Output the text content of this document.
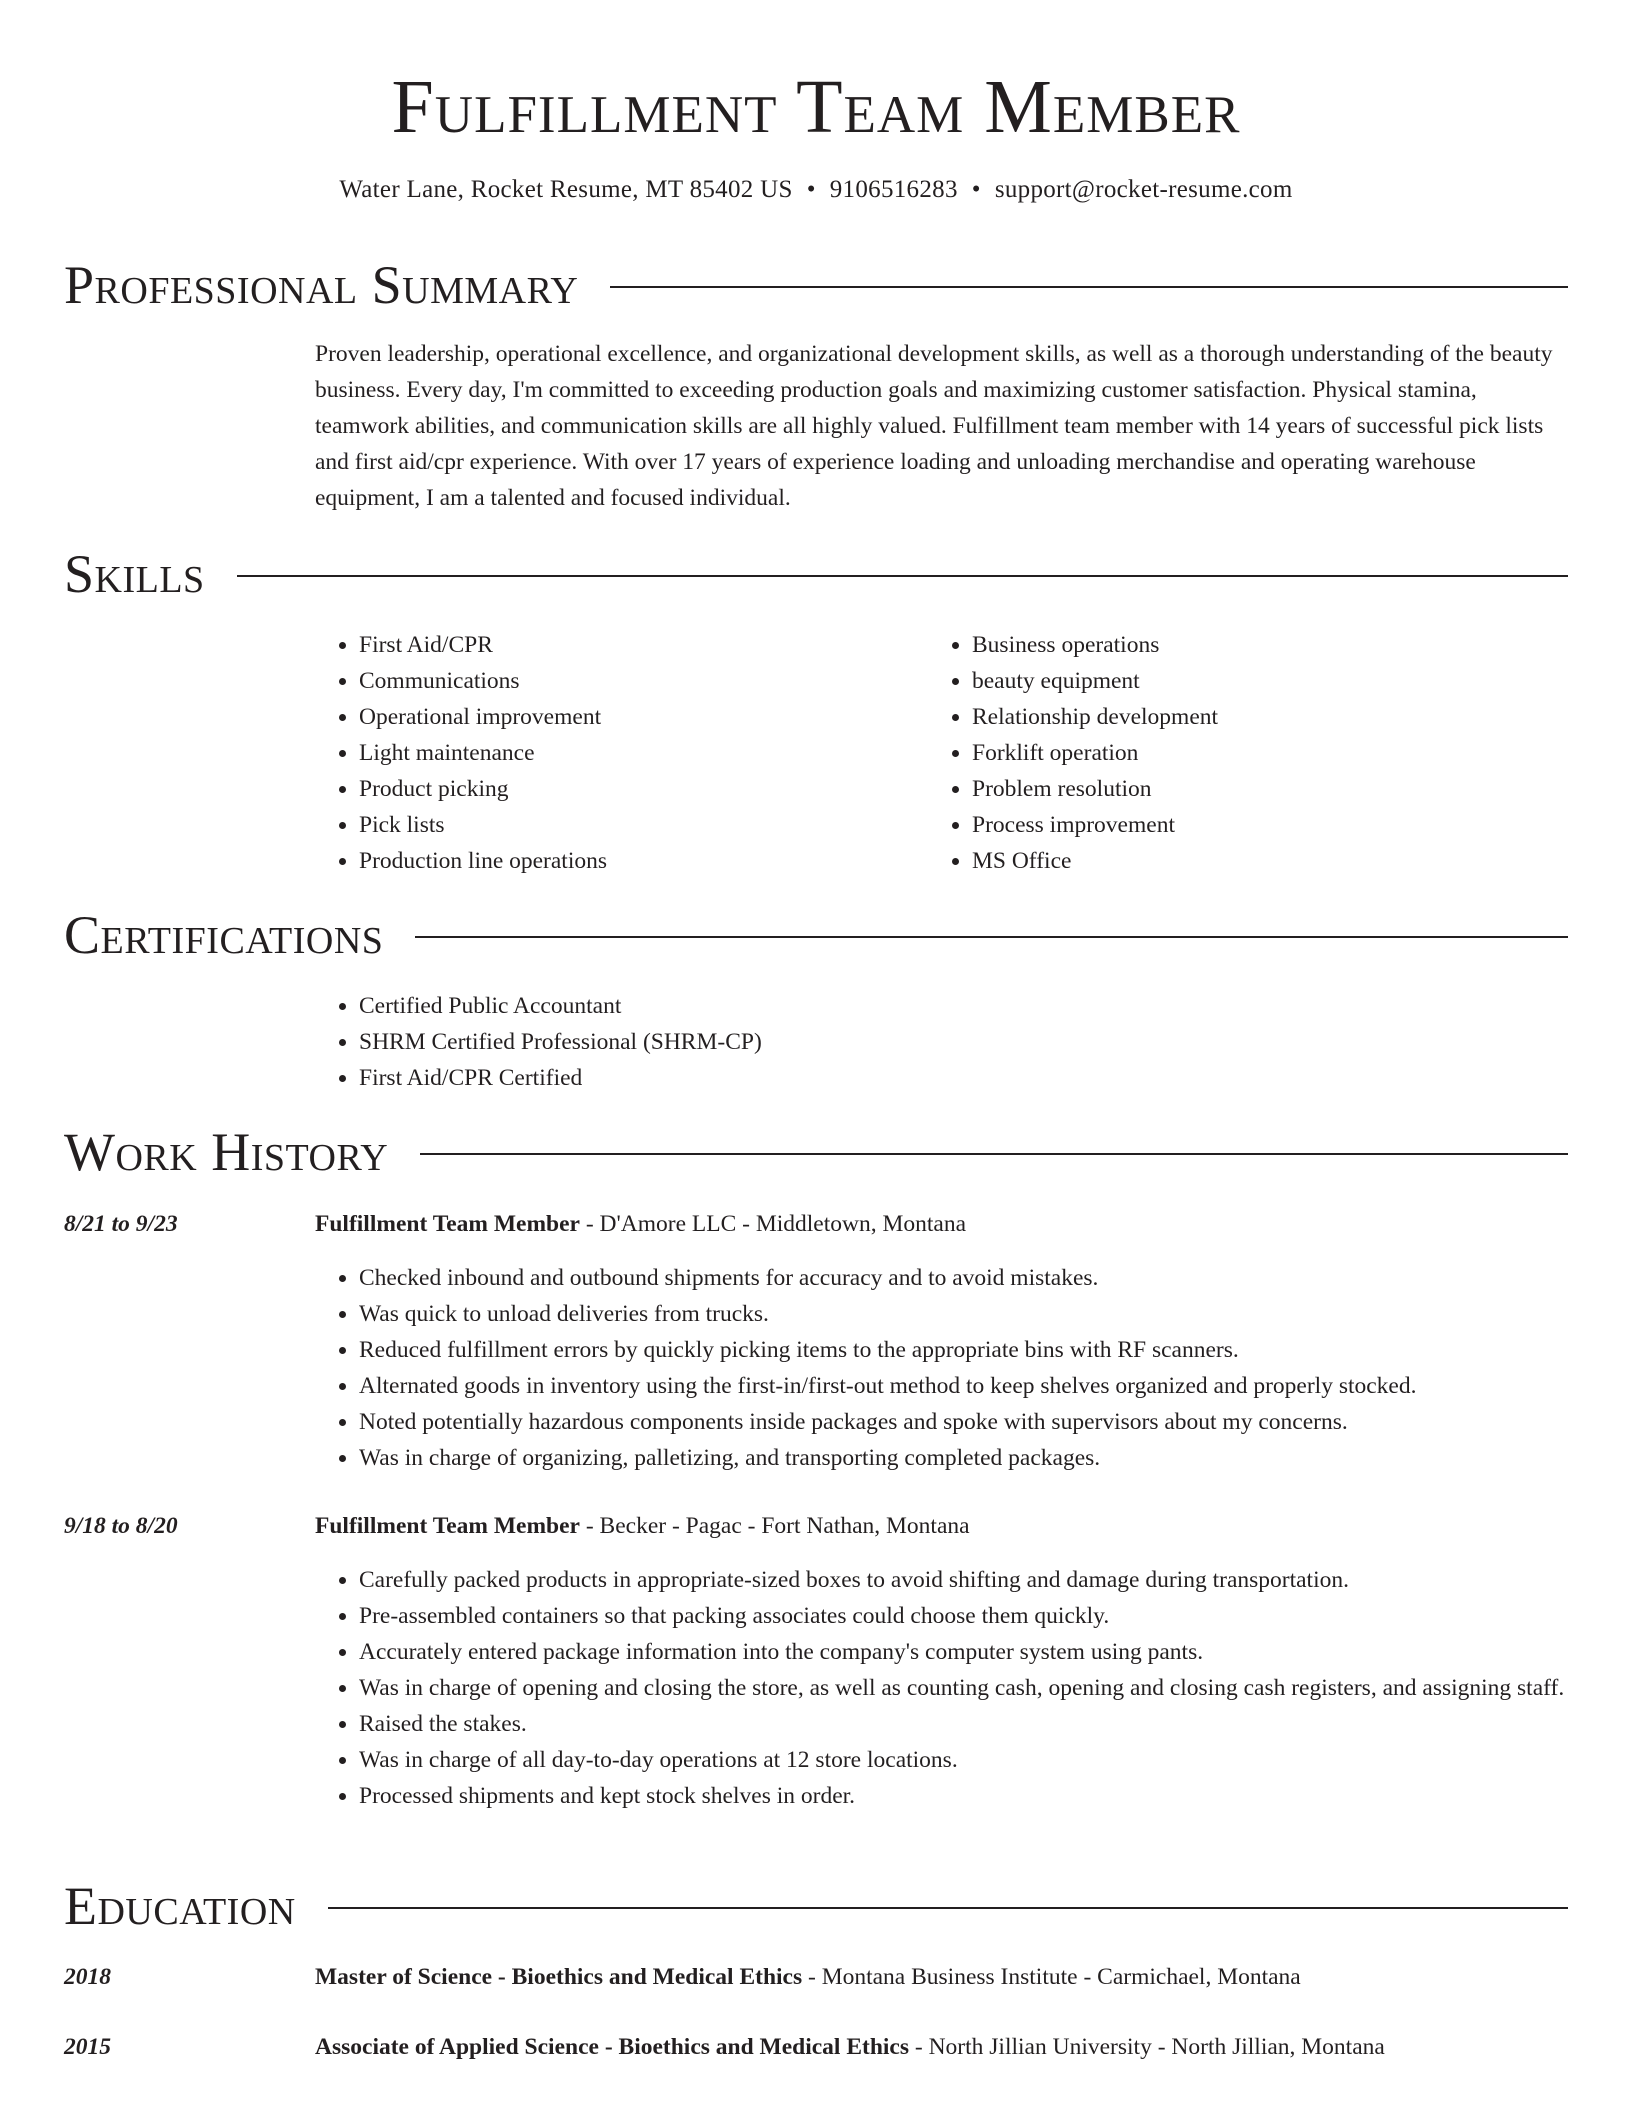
Fulfillment Team Member
Water Lane, Rocket Resume, MT 85402 US • 9106516283 • support@rocket-resume.com
Professional Summary
Proven leadership, operational excellence, and organizational development skills, as well as a thorough understanding of the beauty business. Every day, I'm committed to exceeding production goals and maximizing customer satisfaction. Physical stamina, teamwork abilities, and communication skills are all highly valued. Fulfillment team member with 14 years of successful pick lists and first aid/cpr experience. With over 17 years of experience loading and unloading merchandise and operating warehouse equipment, I am a talented and focused individual.
Skills
• First Aid/CPR
• Communications
• Operational improvement
• Light maintenance
• Product picking
• Pick lists
• Production line operations
• Business operations
• beauty equipment
• Relationship development
• Forklift operation
• Problem resolution
• Process improvement
• MS Office
Certifications
• Certified Public Accountant
• SHRM Certified Professional (SHRM-CP)
• First Aid/CPR Certified
Work History
8/21 to 9/23	Fulfillment Team Member - D'Amore LLC - Middletown, Montana
• Checked inbound and outbound shipments for accuracy and to avoid mistakes.
• Was quick to unload deliveries from trucks.
• Reduced fulfillment errors by quickly picking items to the appropriate bins with RF scanners.
• Alternated goods in inventory using the first-in/first-out method to keep shelves organized and properly stocked.
• Noted potentially hazardous components inside packages and spoke with supervisors about my concerns.
• Was in charge of organizing, palletizing, and transporting completed packages.
9/18 to 8/20	Fulfillment Team Member - Becker - Pagac - Fort Nathan, Montana
• Carefully packed products in appropriate-sized boxes to avoid shifting and damage during transportation.
• Pre-assembled containers so that packing associates could choose them quickly.
• Accurately entered package information into the company's computer system using pants.
• Was in charge of opening and closing the store, as well as counting cash, opening and closing cash registers, and assigning staff.
• Raised the stakes.
• Was in charge of all day-to-day operations at 12 store locations.
• Processed shipments and kept stock shelves in order.
Education
2018	Master of Science - Bioethics and Medical Ethics - Montana Business Institute - Carmichael, Montana
2015	Associate of Applied Science - Bioethics and Medical Ethics - North Jillian University - North Jillian, Montana
